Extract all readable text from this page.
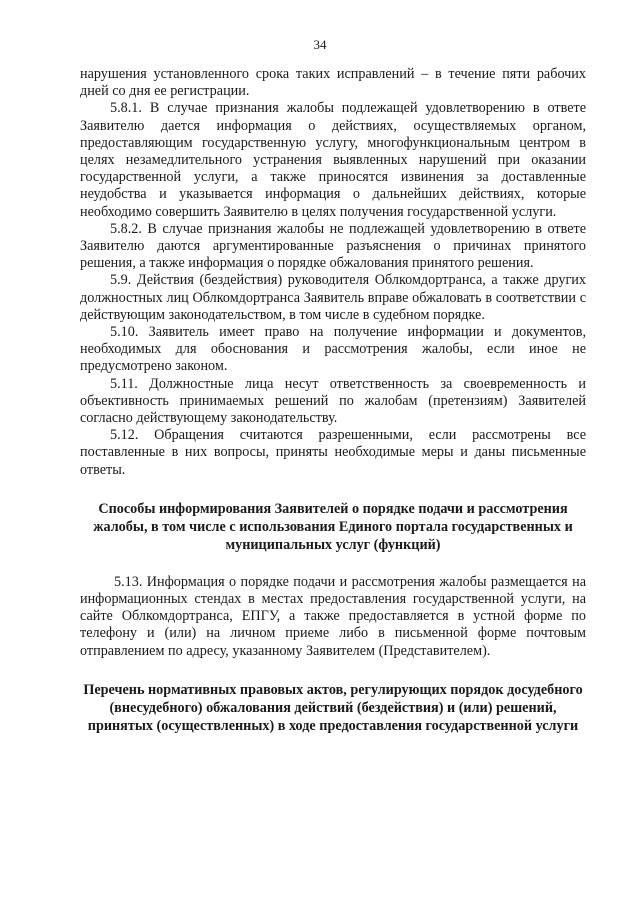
34

нарушения установленного срока таких исправлений – в течение пяти рабочих дней со дня ее регистрации.

5.8.1. В случае признания жалобы подлежащей удовлетворению в ответе Заявителю дается информация о действиях, осуществляемых органом, предоставляющим государственную услугу, многофункциональным центром в целях незамедлительного устранения выявленных нарушений при оказании государственной услуги, а также приносятся извинения за доставленные неудобства и указывается информация о дальнейших действиях, которые необходимо совершить Заявителю в целях получения государственной услуги.

5.8.2. В случае признания жалобы не подлежащей удовлетворению в ответе Заявителю даются аргументированные разъяснения о причинах принятого решения, а также информация о порядке обжалования принятого решения.

5.9. Действия (бездействия) руководителя Облкомдортранса, а также других должностных лиц Облкомдортранса Заявитель вправе обжаловать в соответствии с действующим законодательством, в том числе в судебном порядке.

5.10. Заявитель имеет право на получение информации и документов, необходимых для обоснования и рассмотрения жалобы, если иное не предусмотрено законом.

5.11. Должностные лица несут ответственность за своевременность и объективность принимаемых решений по жалобам (претензиям) Заявителей согласно действующему законодательству.

5.12. Обращения считаются разрешенными, если рассмотрены все поставленные в них вопросы, приняты необходимые меры и даны письменные ответы.

Способы информирования Заявителей о порядке подачи и рассмотрения жалобы, в том числе с использования Единого портала государственных и муниципальных услуг (функций)

5.13. Информация о порядке подачи и рассмотрения жалобы размещается на информационных стендах в местах предоставления государственной услуги, на сайте Облкомдортранса, ЕПГУ, а также предоставляется в устной форме по телефону и (или) на личном приеме либо в письменной форме почтовым отправлением по адресу, указанному Заявителем (Представителем).

Перечень нормативных правовых актов, регулирующих порядок досудебного (внесудебного) обжалования действий (бездействия) и (или) решений, принятых (осуществленных) в ходе предоставления государственной услуги
